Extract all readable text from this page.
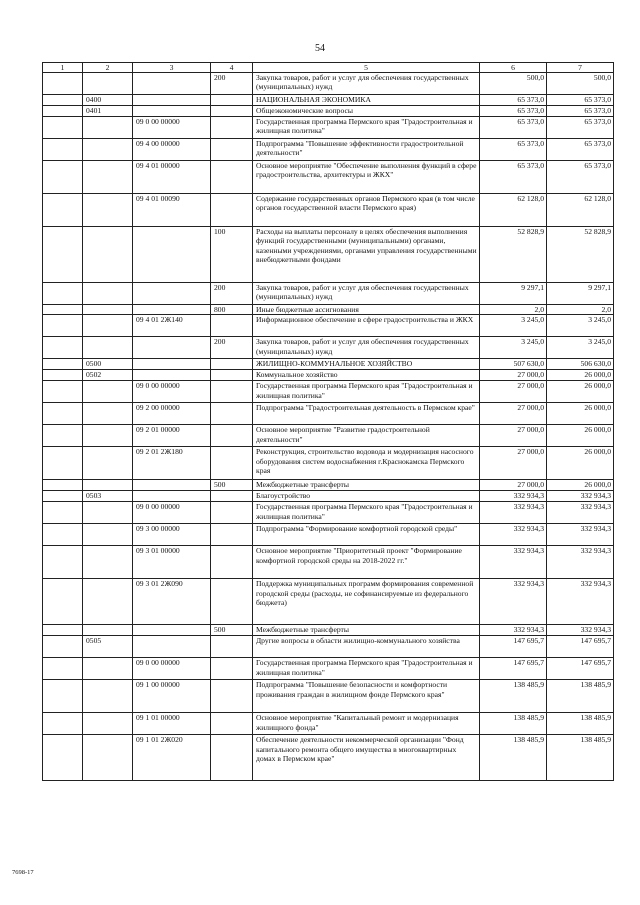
54
1	2	3	4	5	6	7
			200	Закупка товаров, работ и услуг для обеспечения государственных (муниципальных) нужд	500,0	500,0
	0400			НАЦИОНАЛЬНАЯ ЭКОНОМИКА	65 373,0	65 373,0
	0401			Общеэкономические вопросы	65 373,0	65 373,0
		09 0 00 00000		Государственная программа Пермского края "Градостроительная и жилищная политика"	65 373,0	65 373,0
		09 4 00 00000		Подпрограмма "Повышение эффективности градостроительной деятельности"	65 373,0	65 373,0
		09 4 01 00000		Основное мероприятие "Обеспечение выполнения функций в сфере градостроительства, архитектуры и ЖКХ"	65 373,0	65 373,0
		09 4 01 00090		Содержание государственных органов Пермского края (в том числе органов государственной власти Пермского края)	62 128,0	62 128,0
			100	Расходы на выплаты персоналу в целях обеспечения выполнения функций государственными (муниципальными) органами, казенными учреждениями, органами управления государственными внебюджетными фондами	52 828,9	52 828,9
			200	Закупка товаров, работ и услуг для обеспечения государственных (муниципальных) нужд	9 297,1	9 297,1
			800	Иные бюджетные ассигнования	2,0	2,0
		09 4 01 2Ж140		Информационное обеспечение в сфере градостроительства и ЖКХ	3 245,0	3 245,0
			200	Закупка товаров, работ и услуг для обеспечения государственных (муниципальных) нужд	3 245,0	3 245,0
	0500			ЖИЛИЩНО-КОММУНАЛЬНОЕ ХОЗЯЙСТВО	507 630,0	506 630,0
	0502			Коммунальное хозяйство	27 000,0	26 000,0
		09 0 00 00000		Государственная программа Пермского края "Градостроительная и жилищная политика"	27 000,0	26 000,0
		09 2 00 00000		Подпрограмма "Градостроительная деятельность в Пермском крае"	27 000,0	26 000,0
		09 2 01 00000		Основное мероприятие "Развитие градостроительной деятельности"	27 000,0	26 000,0
		09 2 01 2Ж180		Реконструкция, строительство водовода и модернизация насосного оборудования систем водоснабжения г.Краснокамска Пермского края	27 000,0	26 000,0
			500	Межбюджетные трансферты	27 000,0	26 000,0
	0503			Благоустройство	332 934,3	332 934,3
		09 0 00 00000		Государственная программа Пермского края "Градостроительная и жилищная политика"	332 934,3	332 934,3
		09 3 00 00000		Подпрограмма "Формирование комфортной городской среды"	332 934,3	332 934,3
		09 3 01 00000		Основное мероприятие "Приоритетный проект "Формирование комфортной городской среды на 2018-2022 гг."	332 934,3	332 934,3
		09 3 01 2Ж090		Поддержка муниципальных программ формирования современной городской среды (расходы, не софинансируемые из федерального бюджета)	332 934,3	332 934,3
			500	Межбюджетные трансферты	332 934,3	332 934,3
	0505			Другие вопросы в области жилищно-коммунального хозяйства	147 695,7	147 695,7
		09 0 00 00000		Государственная программа Пермского края "Градостроительная и жилищная политика"	147 695,7	147 695,7
		09 1 00 00000		Подпрограмма "Повышение безопасности и комфортности проживания граждан в жилищном фонде Пермского края"	138 485,9	138 485,9
		09 1 01 00000		Основное мероприятие "Капитальный ремонт и модернизация жилищного фонда"	138 485,9	138 485,9
		09 1 01 2Ж020		Обеспечение деятельности некоммерческой организации "Фонд капитального ремонта общего имущества в многоквартирных домах в Пермском крае"	138 485,9	138 485,9
7698-17
